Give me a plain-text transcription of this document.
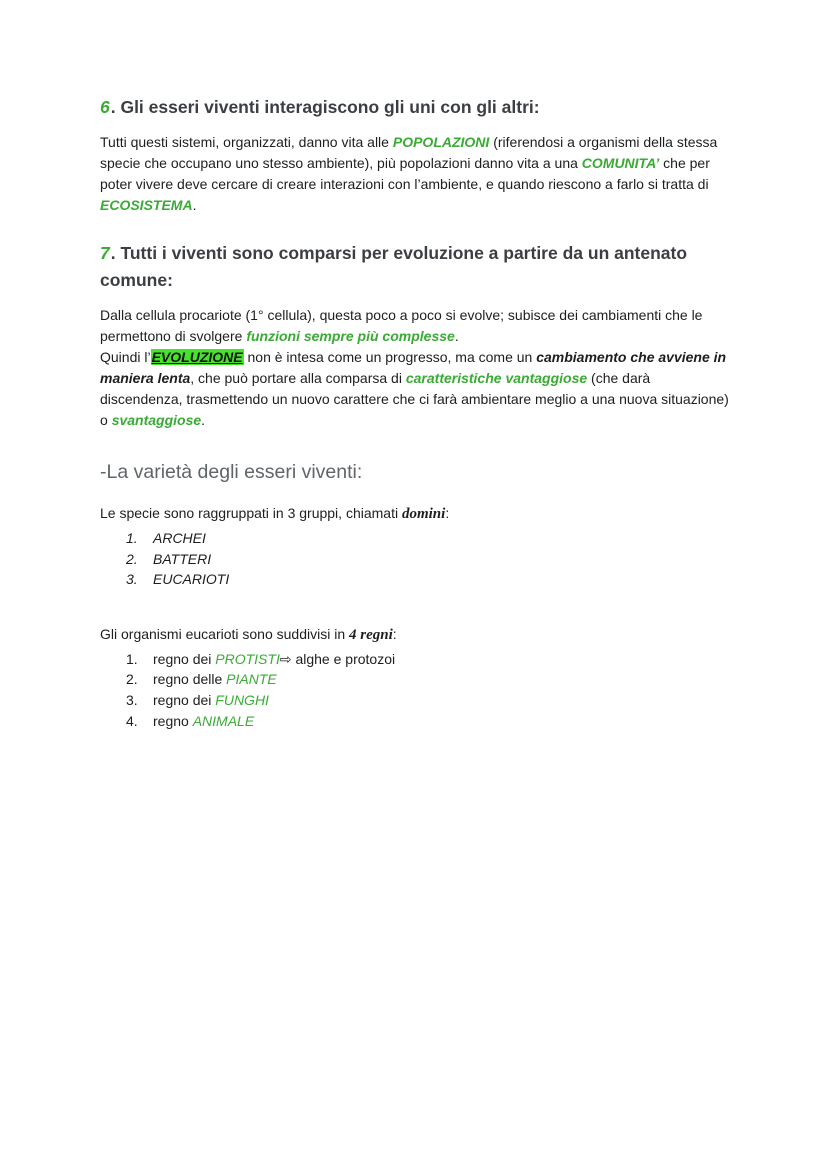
6. Gli esseri viventi interagiscono gli uni con gli altri:

Tutti questi sistemi, organizzati, danno vita alle POPOLAZIONI (riferendosi a organismi della stessa specie che occupano uno stesso ambiente), più popolazioni danno vita a una COMUNITA’ che per poter vivere deve cercare di creare interazioni con l’ambiente, e quando riescono a farlo si tratta di ECOSISTEMA.

7. Tutti i viventi sono comparsi per evoluzione a partire da un antenato comune:

Dalla cellula procariote (1° cellula), questa poco a poco si evolve; subisce dei cambiamenti che le permettono di svolgere funzioni sempre più complesse.

Quindi l’EVOLUZIONE non è intesa come un progresso, ma come un cambiamento che avviene in maniera lenta, che può portare alla comparsa di caratteristiche vantaggiose (che darà discendenza, trasmettendo un nuovo carattere che ci farà ambientare meglio a una nuova situazione) o svantaggiose.

-La varietà degli esseri viventi:

Le specie sono raggruppati in 3 gruppi, chiamati domini:

1. ARCHEI
2. BATTERI
3. EUCARIOTI

Gli organismi eucarioti sono suddivisi in 4 regni:

1. regno dei PROTISTI⇨ alghe e protozoi
2. regno delle PIANTE
3. regno dei FUNGHI
4. regno ANIMALE
